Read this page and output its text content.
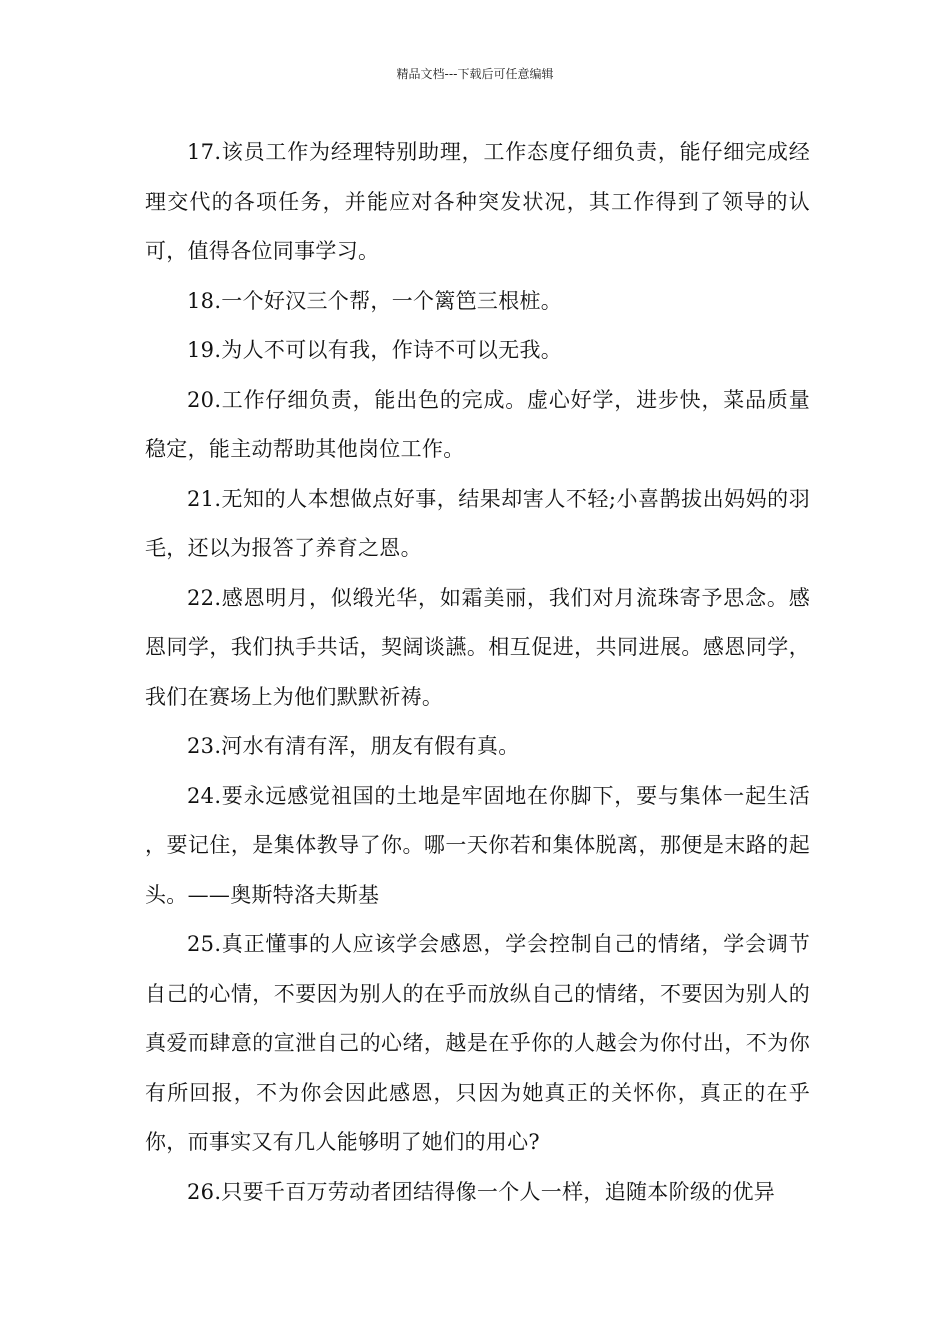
精品文档---下载后可任意编辑

17.该员工作为经理特别助理，工作态度仔细负责，能仔细完成经理交代的各项任务，并能应对各种突发状况，其工作得到了领导的认可，值得各位同事学习。

18.一个好汉三个帮，一个篱笆三根桩。

19.为人不可以有我，作诗不可以无我。

20.工作仔细负责，能出色的完成。虚心好学，进步快，菜品质量稳定，能主动帮助其他岗位工作。

21.无知的人本想做点好事，结果却害人不轻;小喜鹊拔出妈妈的羽毛，还以为报答了养育之恩。

22.感恩明月，似缎光华，如霜美丽，我们对月流珠寄予思念。感恩同学，我们执手共话，契阔谈讌。相互促进，共同进展。感恩同学，我们在赛场上为他们默默祈祷。

23.河水有清有浑，朋友有假有真。

24.要永远感觉祖国的土地是牢固地在你脚下，要与集体一起生活 ，要记住，是集体教导了你。哪一天你若和集体脱离，那便是末路的起头。——奥斯特洛夫斯基

25.真正懂事的人应该学会感恩，学会控制自己的情绪，学会调节自己的心情，不要因为别人的在乎而放纵自己的情绪，不要因为别人的真爱而肆意的宣泄自己的心绪，越是在乎你的人越会为你付出，不为你有所回报，不为你会因此感恩，只因为她真正的关怀你，真正的在乎你，而事实又有几人能够明了她们的用心?

26.只要千百万劳动者团结得像一个人一样，追随本阶级的优异
